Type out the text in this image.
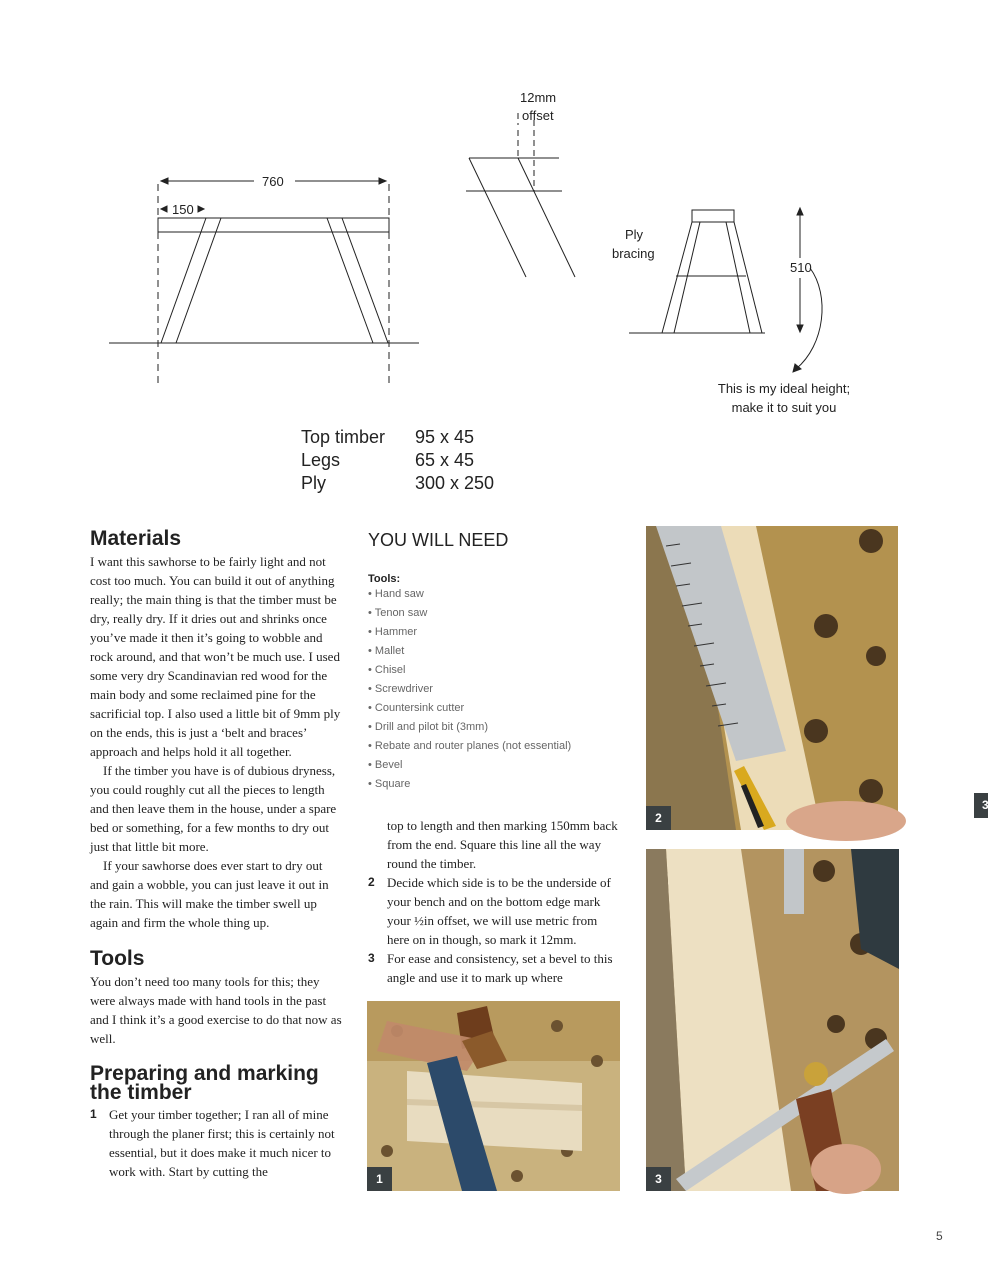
760
150
12mm
offset
Ply
bracing
510
This is my ideal height;
make it to suit you
Top timber	95 x 45
Legs	65 x 45
Ply	300 x 250
Materials

I want this sawhorse to be fairly light and not cost too much. You can build it out of anything really; the main thing is that the timber must be dry, really dry. If it dries out and shrinks once you’ve made it then it’s going to wobble and rock around, and that won’t be much use. I used some very dry Scandinavian red wood for the main body and some reclaimed pine for the sacrificial top. I also used a little bit of 9mm ply on the ends, this is just a ‘belt and braces’ approach and helps hold it all together.

If the timber you have is of dubious dryness, you could roughly cut all the pieces to length and then leave them in the house, under a spare bed or something, for a few months to dry out just that little bit more.

If your sawhorse does ever start to dry out and gain a wobble, you can just leave it out in the rain. This will make the timber swell up again and firm the whole thing up.

Tools

You don’t need too many tools for this; they were always made with hand tools in the past and I think it’s a good exercise to do that now as well.

Preparing and marking
the timber
1 Get your timber together; I ran all of mine through the planer first; this is certainly not essential, but it does make it much nicer to work with. Start by cutting the
YOU WILL NEED
Tools:
• Hand saw
• Tenon saw
• Hammer
• Mallet
• Chisel
• Screwdriver
• Countersink cutter
• Drill and pilot bit (3mm)
• Rebate and router planes (not essential)
• Bevel
• Square
top to length and then marking 150mm back from the end. Square this line all the way round the timber.
2 Decide which side is to be the underside of your bench and on the bottom edge mark your ½in offset, we will use metric from here on in though, so mark it 12mm.
3 For ease and consistency, set a bevel to this angle and use it to mark up where
1
2
3
3
5
